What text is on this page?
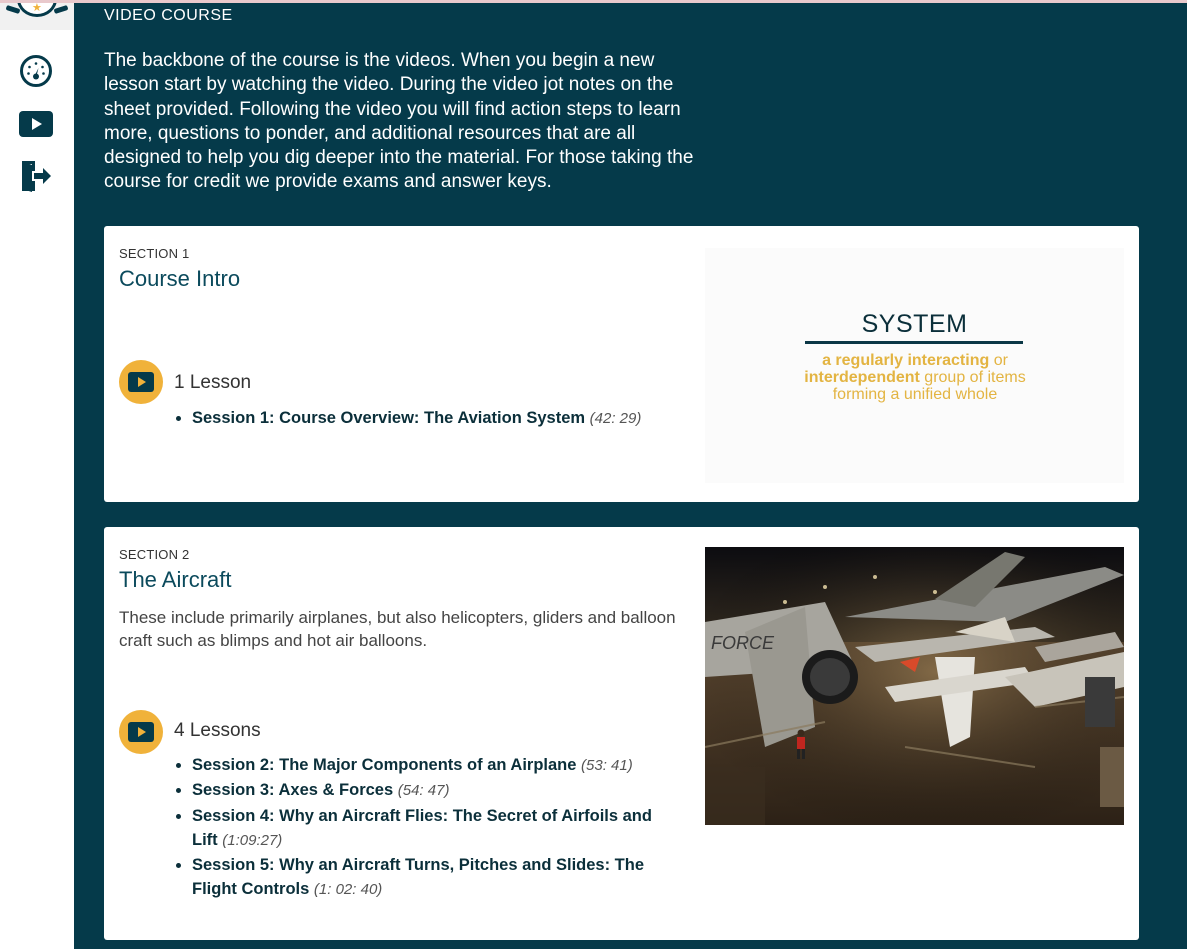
★	VIDEO COURSE

The backbone of the course is the videos. When you begin a new lesson start by watching the video. During the video jot notes on the sheet provided. Following the video you will find action steps to learn more, questions to ponder, and additional resources that are all designed to help you dig deeper into the material. For those taking the course for credit we provide exams and answer keys.

SECTION 1
Course Intro
1 Lesson
• Session 1: Course Overview: The Aviation System (42: 29)
SYSTEM
a regularly interacting or
interdependent group of items
forming a unified whole
SECTION 2
The Aircraft

These include primarily airplanes, but also helicopters, gliders and balloon craft such as blimps and hot air balloons.

4 Lessons
• Session 2: The Major Components of an Airplane (53: 41)
• Session 3: Axes & Forces (54: 47)
• Session 4: Why an Aircraft Flies: The Secret of Airfoils and Lift (1:09:27)
• Session 5: Why an Aircraft Turns, Pitches and Slides: The Flight Controls (1: 02: 40)
FORCE
